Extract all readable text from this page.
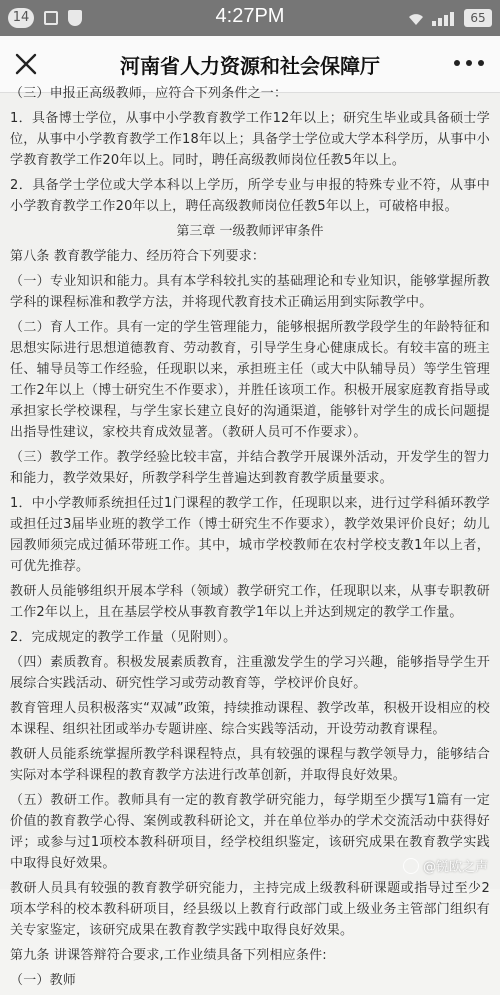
14	4:27PM	65
河南省人力资源和社会保障厅

（三）申报正高级教师，应符合下列条件之一：

1．具备博士学位，从事中小学教育教学工作12年以上；研究生毕业或具备硕士学位，从事中小学教育教学工作18年以上；具备学士学位或大学本科学历，从事中小学教育教学工作20年以上。同时，聘任高级教师岗位任教5年以上。

2．具备学士学位或大学本科以上学历，所学专业与申报的特殊专业不符，从事中小学教育教学工作20年以上，聘任高级教师岗位任教5年以上，可破格申报。

第三章 一级教师评审条件

第八条 教育教学能力、经历符合下列要求：

（一）专业知识和能力。具有本学科较扎实的基础理论和专业知识，能够掌握所教学科的课程标准和教学方法，并将现代教育技术正确运用到实际教学中。

（二）育人工作。具有一定的学生管理能力，能够根据所教学段学生的年龄特征和思想实际进行思想道德教育、劳动教育，引导学生身心健康成长。有较丰富的班主任、辅导员等工作经验，任现职以来，承担班主任（或大中队辅导员）等学生管理工作2年以上（博士研究生不作要求），并胜任该项工作。积极开展家庭教育指导或承担家长学校课程，与学生家长建立良好的沟通渠道，能够针对学生的成长问题提出指导性建议，家校共育成效显著。（教研人员可不作要求）。

（三）教学工作。教学经验比较丰富，并结合教学开展课外活动，开发学生的智力和能力，教学效果好，所教学科学生普遍达到教育教学质量要求。

1．中小学教师系统担任过1门课程的教学工作，任现职以来，进行过学科循环教学或担任过3届毕业班的教学工作（博士研究生不作要求），教学效果评价良好；幼儿园教师须完成过循环带班工作。其中，城市学校教师在农村学校支教1年以上者，可优先推荐。

教研人员能够组织开展本学科（领域）教学研究工作，任现职以来，从事专职教研工作2年以上，且在基层学校从事教育教学1年以上并达到规定的教学工作量。

2．完成规定的教学工作量（见附则）。

（四）素质教育。积极发展素质教育，注重激发学生的学习兴趣，能够指导学生开展综合实践活动、研究性学习或劳动教育等，学校评价良好。

教育管理人员积极落实“双减”政策，持续推动课程、教学改革，积极开设相应的校本课程、组织社团或举办专题讲座、综合实践等活动，开设劳动教育课程。

教研人员能系统掌握所教学科课程特点，具有较强的课程与教学领导力，能够结合实际对本学科课程的教育教学方法进行改革创新，并取得良好效果。

（五）教研工作。教师具有一定的教育教学研究能力，每学期至少撰写1篇有一定价值的教育教学心得、案例或教科研论文，并在单位举办的学术交流活动中获得好评；或参与过1项校本教科研项目，经学校组织鉴定，该研究成果在教育教学实践中取得良好效果。

教研人员具有较强的教育教学研究能力，主持完成上级教科研课题或指导过至少2项本学科的校本教科研项目，经县级以上教育行政部门或上级业务主管部门组织有关专家鉴定，该研究成果在教育教学实践中取得良好效果。

第九条 讲课答辩符合要求,工作业绩具备下列相应条件:

（一）教师

@锐欧之声
